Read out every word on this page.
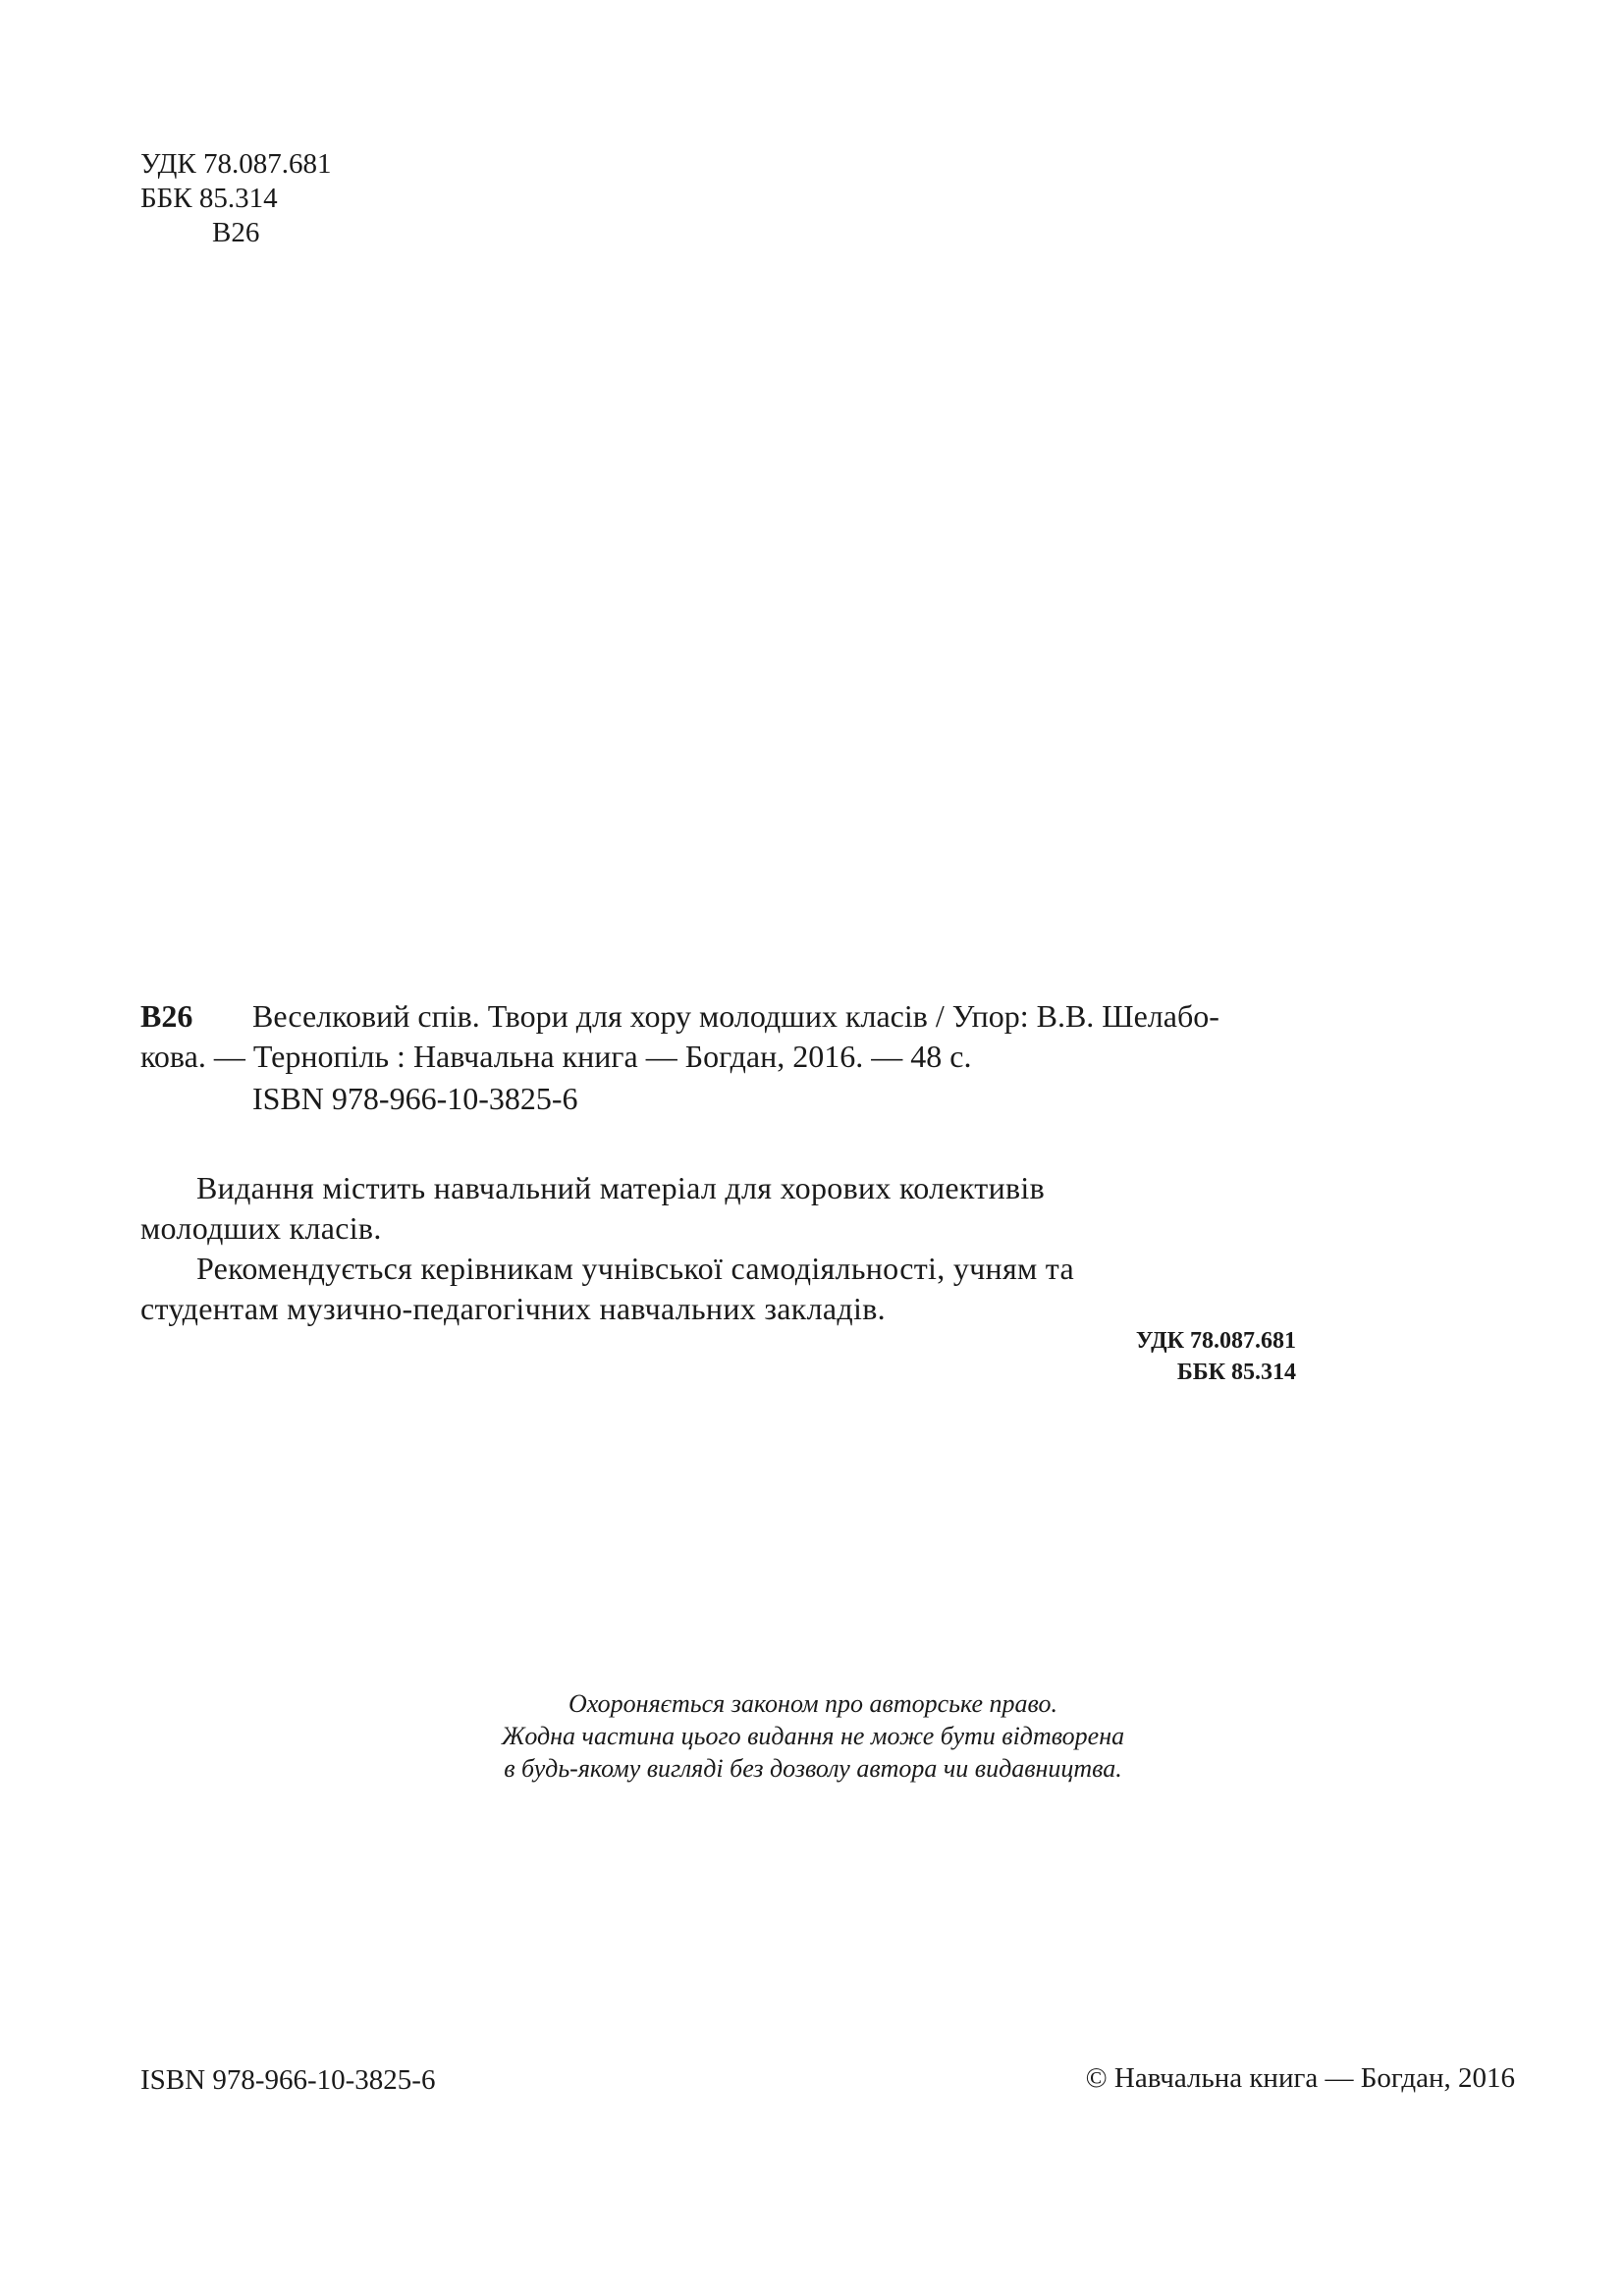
УДК 78.087.681
ББК 85.314
В26
В26	Веселковий спів. Твори для хору молодших класів / Упор: В.В. Шелабо-
кова. — Тернопіль : Навчальна книга — Богдан, 2016. — 48 с.
ISBN 978-966-10-3825-6
Видання містить навчальний матеріал для хорових колективів
молодших класів.
Рекомендується керівникам учнівської самодіяльності, учням та
студентам музично-педагогічних навчальних закладів.
УДК 78.087.681
ББК 85.314
Охороняється законом про авторське право.
Жодна частина цього видання не може бути відтворена
в будь-якому вигляді без дозволу автора чи видавництва.
ISBN 978-966-10-3825-6	© Навчальна книга — Богдан, 2016
